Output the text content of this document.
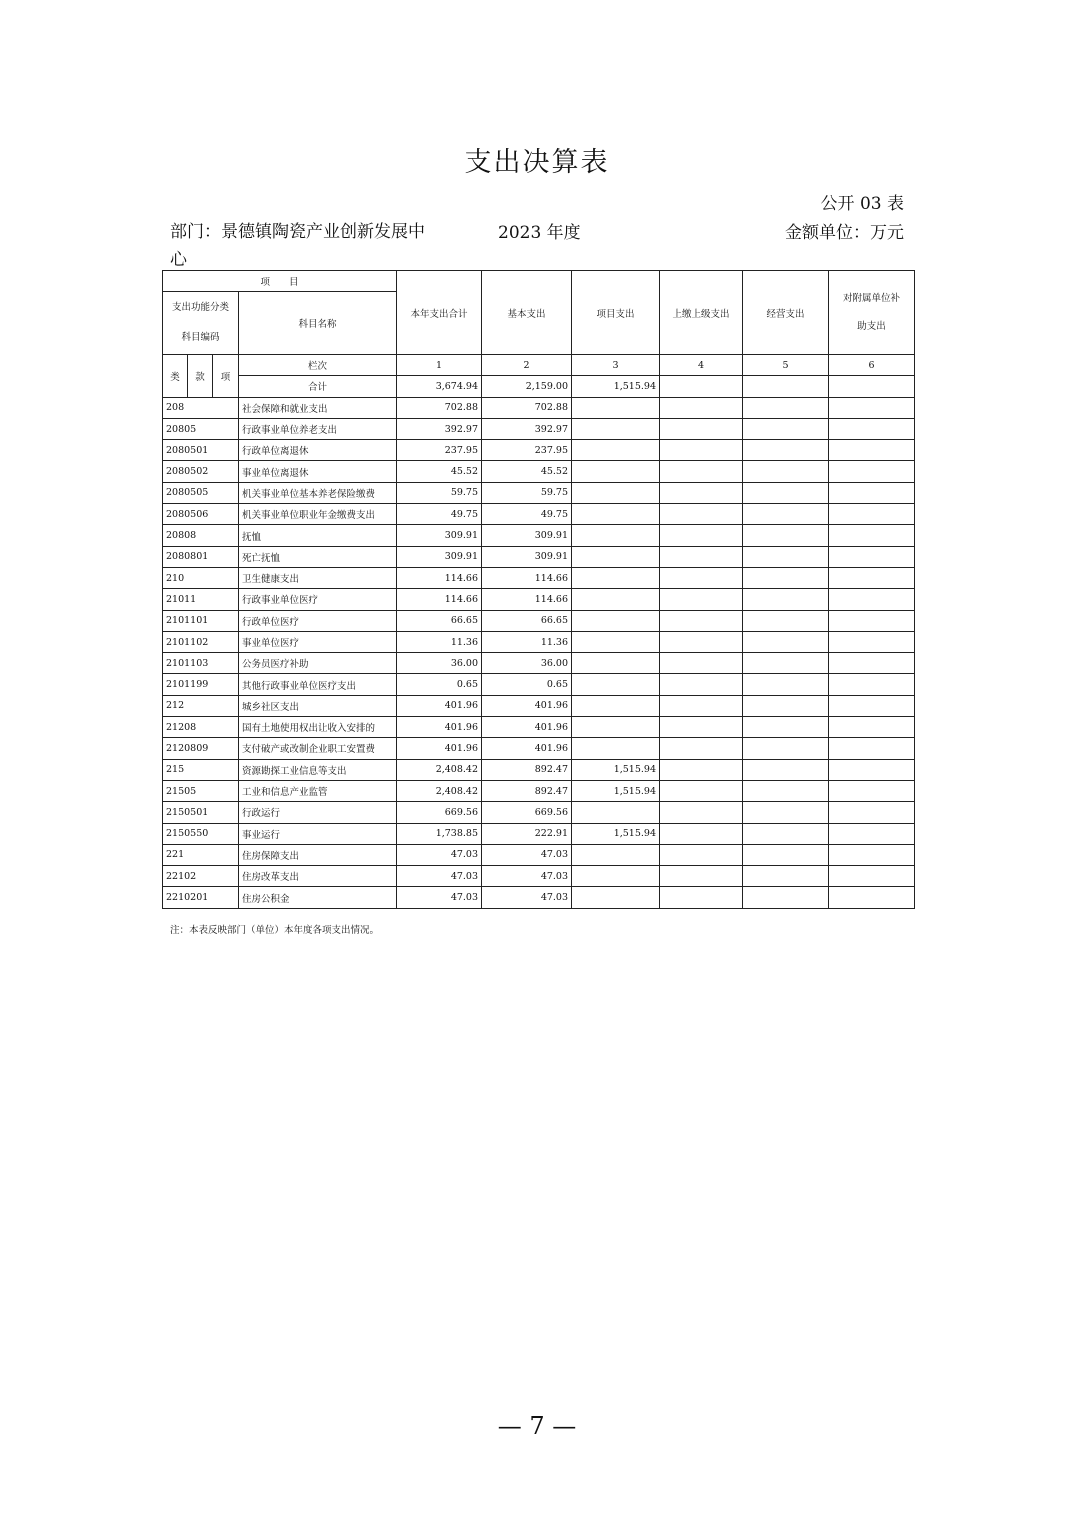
支出决算表
公开 03 表
部门：景德镇陶瓷产业创新发展中
心
2023 年度	金额单位：万元
项　　目				本年支出合计	基本支出	项目支出	上缴上级支出	经营支出	对附属单位补
助支出
支出功能分类
科目编码			科目名称						
类	款	项	栏次	1	2	3	4	5	6
			合计	3,674.94	2,159.00	1,515.94			
208			社会保障和就业支出	702.88	702.88				
20805			行政事业单位养老支出	392.97	392.97				
2080501			行政单位离退休	237.95	237.95				
2080502			事业单位离退休	45.52	45.52				
2080505			机关事业单位基本养老保险缴费	59.75	59.75				
2080506			机关事业单位职业年金缴费支出	49.75	49.75				
20808			抚恤	309.91	309.91				
2080801			死亡抚恤	309.91	309.91				
210			卫生健康支出	114.66	114.66				
21011			行政事业单位医疗	114.66	114.66				
2101101			行政单位医疗	66.65	66.65				
2101102			事业单位医疗	11.36	11.36				
2101103			公务员医疗补助	36.00	36.00				
2101199			其他行政事业单位医疗支出	0.65	0.65				
212			城乡社区支出	401.96	401.96				
21208			国有土地使用权出让收入安排的	401.96	401.96				
2120809			支付破产或改制企业职工安置费	401.96	401.96				
215			资源勘探工业信息等支出	2,408.42	892.47	1,515.94			
21505			工业和信息产业监管	2,408.42	892.47	1,515.94			
2150501			行政运行	669.56	669.56				
2150550			事业运行	1,738.85	222.91	1,515.94			
221			住房保障支出	47.03	47.03				
22102			住房改革支出	47.03	47.03				
2210201			住房公积金	47.03	47.03				
注：本表反映部门（单位）本年度各项支出情况。
— 7 —
